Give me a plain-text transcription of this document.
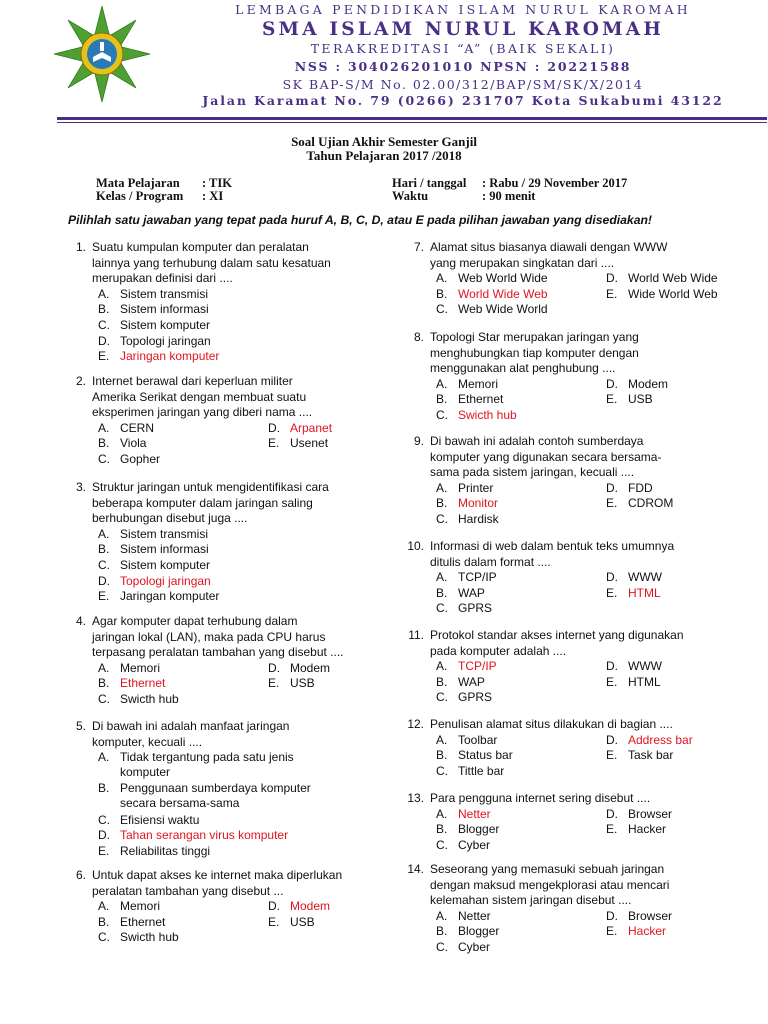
LEMBAGA PENDIDIKAN ISLAM NURUL KAROMAH
SMA ISLAM NURUL KAROMAH
TERAKREDITASI “A” (BAIK SEKALI)
NSS : 304026201010 NPSN : 20221588
SK BAP-S/M No. 02.00/312/BAP/SM/SK/X/2014
Jalan Karamat No. 79 (0266) 231707 Kota Sukabumi 43122
Soal Ujian Akhir Semester Ganjil
Tahun Pelajaran 2017 /2018
Mata Pelajaran : TIK
Kelas / Program : XI
Hari / tanggal : Rabu / 29 November 2017
Waktu	: 90 menit
Pilihlah satu jawaban yang tepat pada huruf A, B, C, D, atau E pada pilihan jawaban yang disediakan!
1. Suatu kumpulan komputer dan peralatan
lainnya yang terhubung dalam satu kesatuan
merupakan definisi dari ....
A. Sistem transmisi
B. Sistem informasi
C. Sistem komputer
D. Topologi jaringan
E. Jaringan komputer
2. Internet berawal dari keperluan militer
Amerika Serikat dengan membuat suatu
eksperimen jaringan yang diberi nama ....
A. CERN	D. Arpanet
B. Viola	E. Usenet
C. Gopher
3. Struktur jaringan untuk mengidentifikasi cara
beberapa komputer dalam jaringan saling
berhubungan disebut juga ....
A. Sistem transmisi
B. Sistem informasi
C. Sistem komputer
D. Topologi jaringan
E. Jaringan komputer
4. Agar komputer dapat terhubung dalam
jaringan lokal (LAN), maka pada CPU harus
terpasang peralatan tambahan yang disebut ....
A. Memori	D. Modem
B. Ethernet	E. USB
C. Swicth hub
5. Di bawah ini adalah manfaat jaringan
komputer, kecuali ....
A. Tidak tergantung pada satu jenis
komputer
B. Penggunaan sumberdaya komputer
secara bersama-sama
C. Efisiensi waktu
D. Tahan serangan virus komputer
E. Reliabilitas tinggi
6. Untuk dapat akses ke internet maka diperlukan
peralatan tambahan yang disebut ...
A. Memori	D. Modem
B. Ethernet	E. USB
C. Swicth hub
7. Alamat situs biasanya diawali dengan WWW
yang merupakan singkatan dari ....
A. Web World Wide	D. World Web Wide
B. World Wide Web	E. Wide World Web
C. Web Wide World
8. Topologi Star merupakan jaringan yang
menghubungkan tiap komputer dengan
menggunakan alat penghubung ....
A. Memori	D. Modem
B. Ethernet	E. USB
C. Swicth hub
9. Di bawah ini adalah contoh sumberdaya
komputer yang digunakan secara bersama-
sama pada sistem jaringan, kecuali ....
A. Printer	D. FDD
B. Monitor	E. CDROM
C. Hardisk
10. Informasi di web dalam bentuk teks umumnya
ditulis dalam format ....
A. TCP/IP	D. WWW
B. WAP	E. HTML
C. GPRS
11. Protokol standar akses internet yang digunakan
pada komputer adalah ....
A. TCP/IP	D. WWW
B. WAP	E. HTML
C. GPRS
12. Penulisan alamat situs dilakukan di bagian ....
A. Toolbar	D. Address bar
B. Status bar	E. Task bar
C. Tittle bar
13. Para pengguna internet sering disebut ....
A. Netter	D. Browser
B. Blogger	E. Hacker
C. Cyber
14. Seseorang yang memasuki sebuah jaringan
dengan maksud mengekplorasi atau mencari
kelemahan sistem jaringan disebut ....
A. Netter	D. Browser
B. Blogger	E. Hacker
C. Cyber
